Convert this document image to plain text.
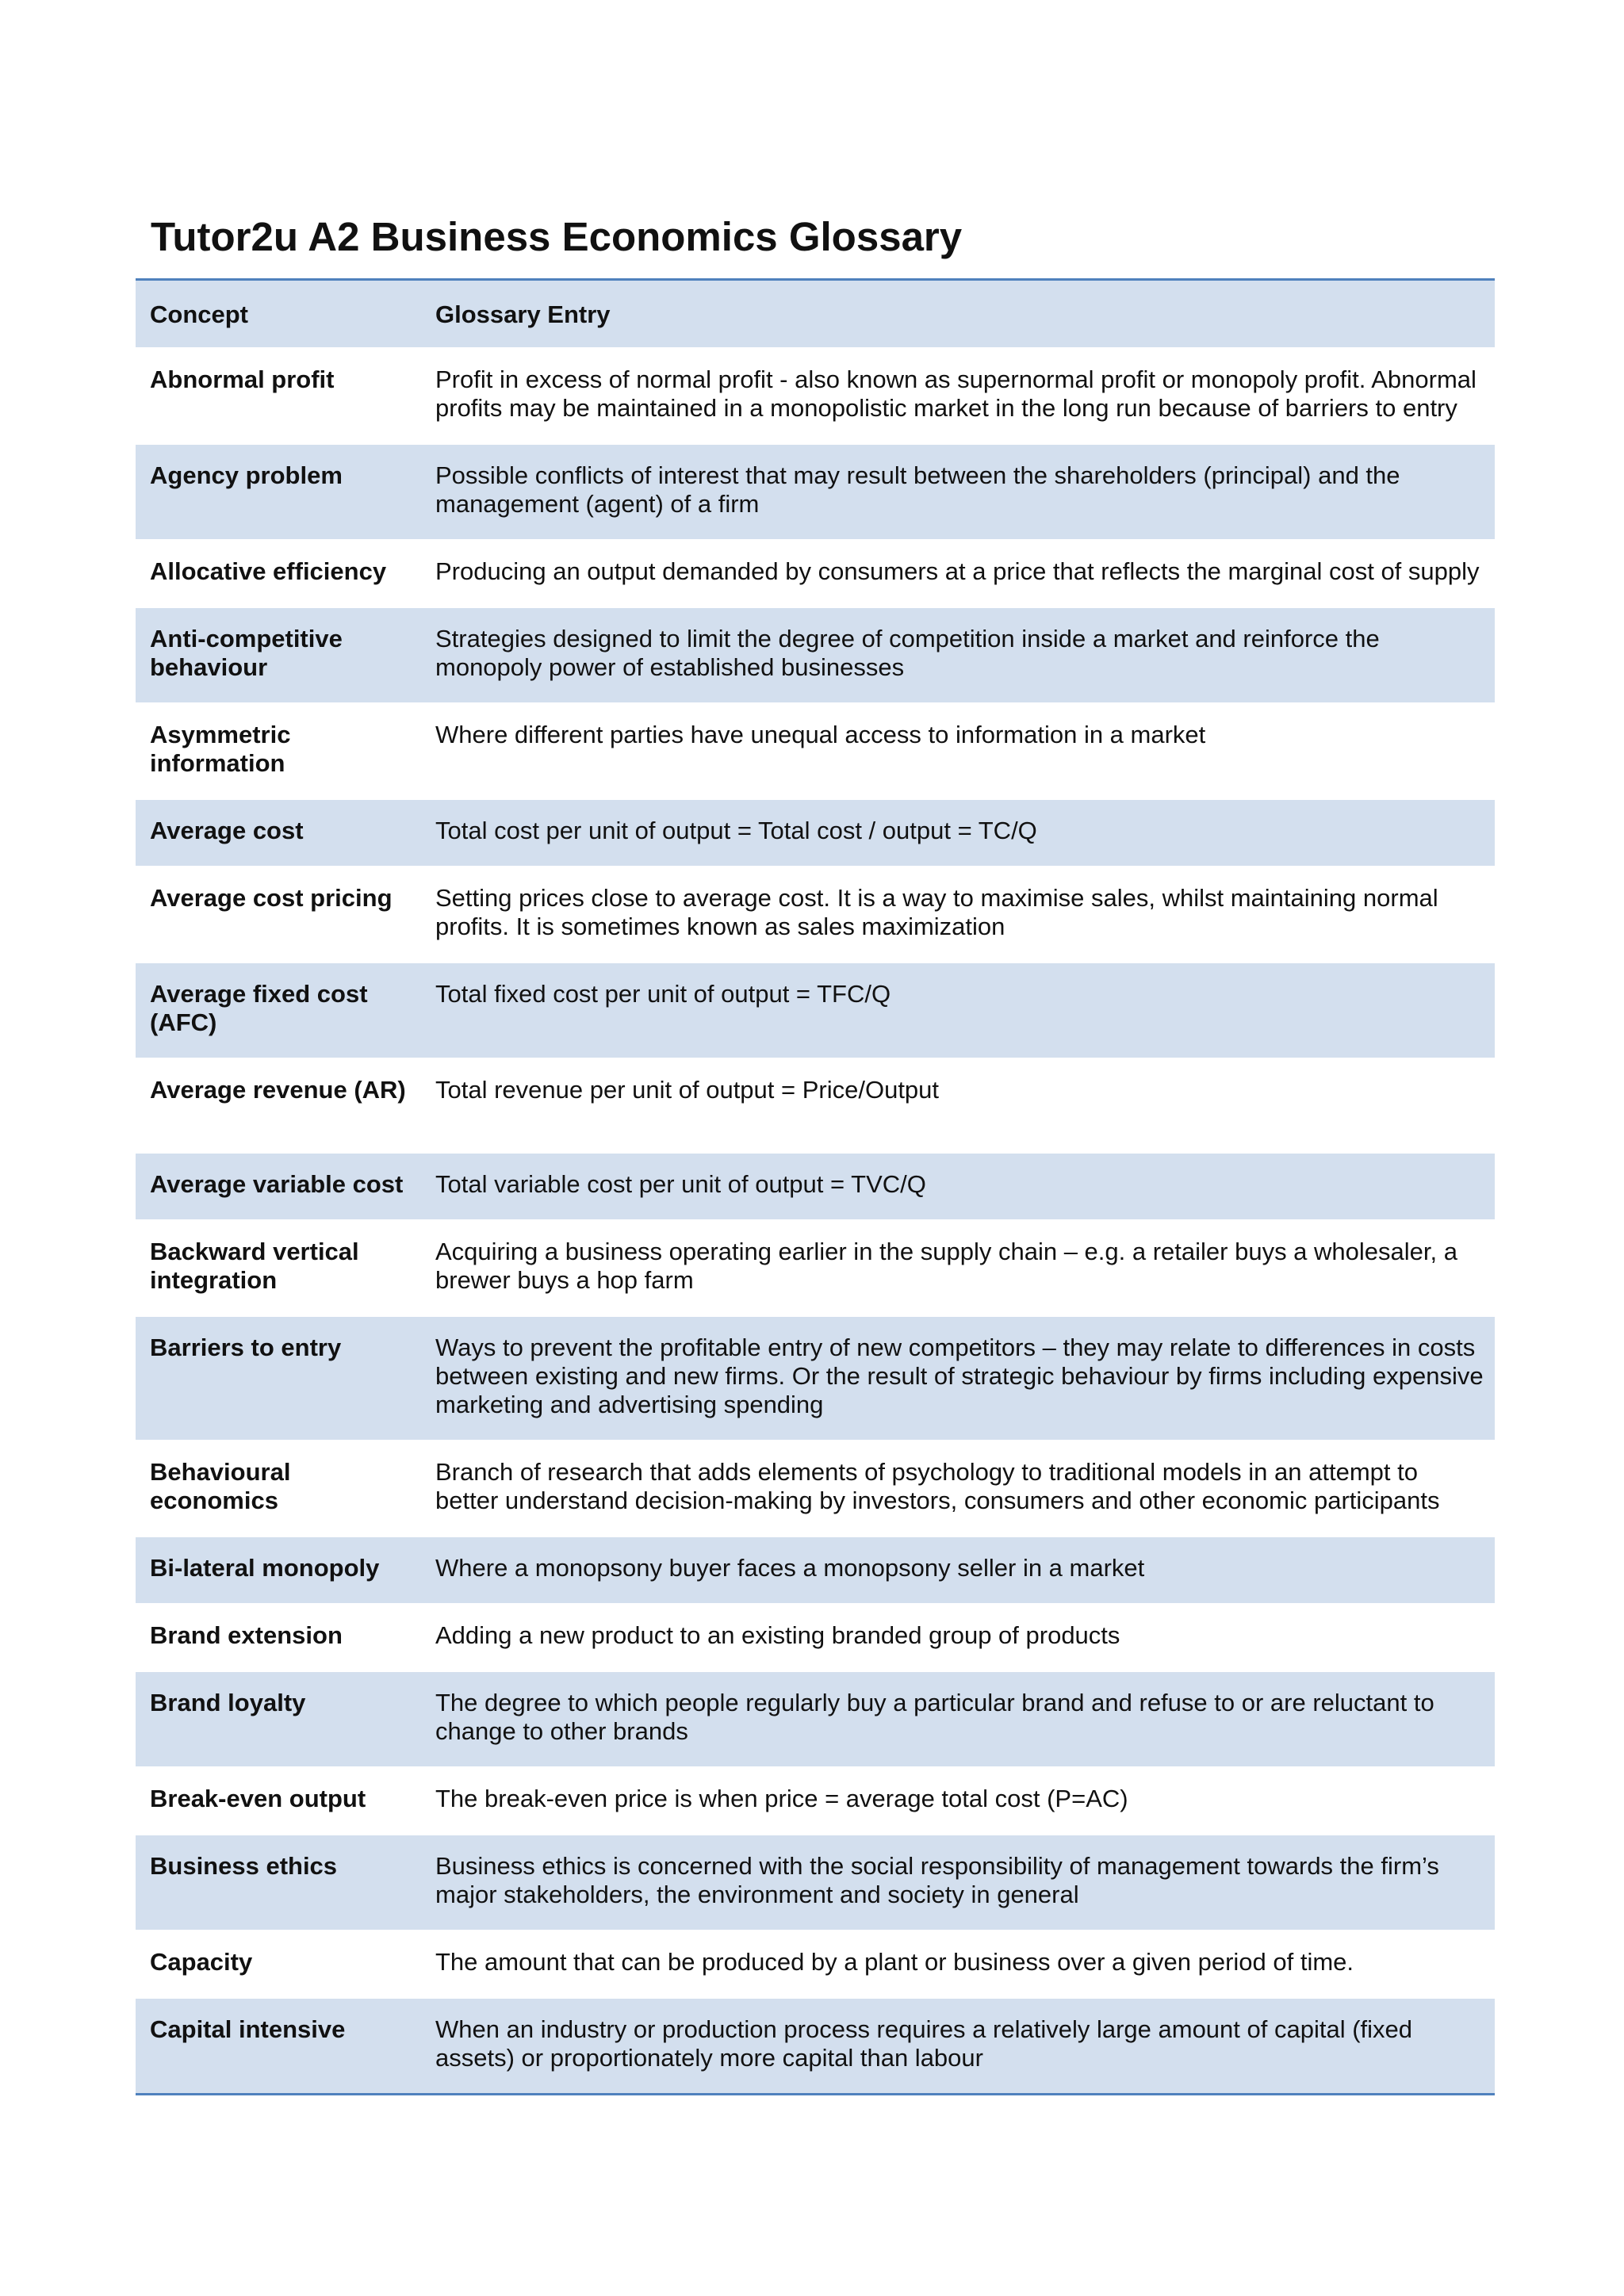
Tutor2u A2 Business Economics Glossary
Concept	Glossary Entry
Abnormal profit	Profit in excess of normal profit - also known as supernormal profit or monopoly profit. Abnormal profits may be maintained in a monopolistic market in the long run because of barriers to entry
Agency problem	Possible conflicts of interest that may result between the shareholders (principal) and the management (agent) of a firm
Allocative efficiency	Producing an output demanded by consumers at a price that reflects the marginal cost of supply
Anti-competitive behaviour	Strategies designed to limit the degree of competition inside a market and reinforce the monopoly power of established businesses
Asymmetric information	Where different parties have unequal access to information in a market
Average cost	Total cost per unit of output = Total cost / output = TC/Q
Average cost pricing	Setting prices close to average cost. It is a way to maximise sales, whilst maintaining normal profits. It is sometimes known as sales maximization
Average fixed cost (AFC)	Total fixed cost per unit of output = TFC/Q
Average revenue (AR)	Total revenue per unit of output = Price/Output
Average variable cost	Total variable cost per unit of output = TVC/Q
Backward vertical integration	Acquiring a business operating earlier in the supply chain – e.g. a retailer buys a wholesaler, a brewer buys a hop farm
Barriers to entry	Ways to prevent the profitable entry of new competitors – they may relate to differences in costs between existing and new firms. Or the result of strategic behaviour by firms including expensive marketing and advertising spending
Behavioural economics	Branch of research that adds elements of psychology to traditional models in an attempt to better understand decision-making by investors, consumers and other economic participants
Bi-lateral monopoly	Where a monopsony buyer faces a monopsony seller in a market
Brand extension	Adding a new product to an existing branded group of products
Brand loyalty	The degree to which people regularly buy a particular brand and refuse to or are reluctant to change to other brands
Break-even output	The break-even price is when price = average total cost (P=AC)
Business ethics	Business ethics is concerned with the social responsibility of management towards the firm’s major stakeholders, the environment and society in general
Capacity	The amount that can be produced by a plant or business over a given period of time.
Capital intensive	When an industry or production process requires a relatively large amount of capital (fixed assets) or proportionately more capital than labour
